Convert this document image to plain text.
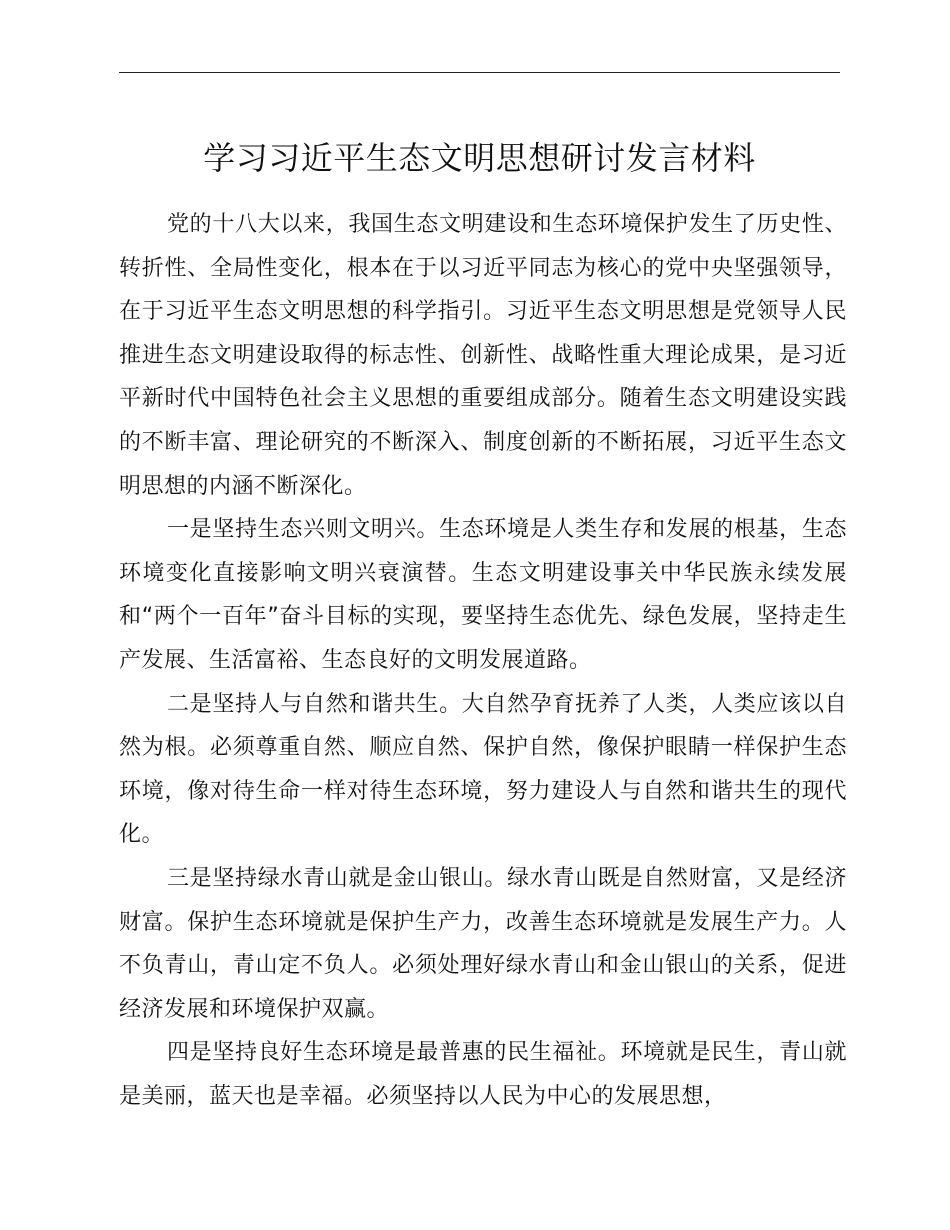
学习习近平生态文明思想研讨发言材料

党的十八大以来，我国生态文明建设和生态环境保护发生了历史性、转折性、全局性变化，根本在于以习近平同志为核心的党中央坚强领导，在于习近平生态文明思想的科学指引。习近平生态文明思想是党领导人民推进生态文明建设取得的标志性、创新性、战略性重大理论成果，是习近平新时代中国特色社会主义思想的重要组成部分。随着生态文明建设实践的不断丰富、理论研究的不断深入、制度创新的不断拓展，习近平生态文明思想的内涵不断深化。

一是坚持生态兴则文明兴。生态环境是人类生存和发展的根基，生态环境变化直接影响文明兴衰演替。生态文明建设事关中华民族永续发展和“两个一百年”奋斗目标的实现，要坚持生态优先、绿色发展，坚持走生产发展、生活富裕、生态良好的文明发展道路。

二是坚持人与自然和谐共生。大自然孕育抚养了人类，人类应该以自然为根。必须尊重自然、顺应自然、保护自然，像保护眼睛一样保护生态环境，像对待生命一样对待生态环境，努力建设人与自然和谐共生的现代化。

三是坚持绿水青山就是金山银山。绿水青山既是自然财富，又是经济财富。保护生态环境就是保护生产力，改善生态环境就是发展生产力。人不负青山，青山定不负人。必须处理好绿水青山和金山银山的关系，促进经济发展和环境保护双赢。

四是坚持良好生态环境是最普惠的民生福祉。环境就是民生，青山就是美丽，蓝天也是幸福。必须坚持以人民为中心的发展思想，
